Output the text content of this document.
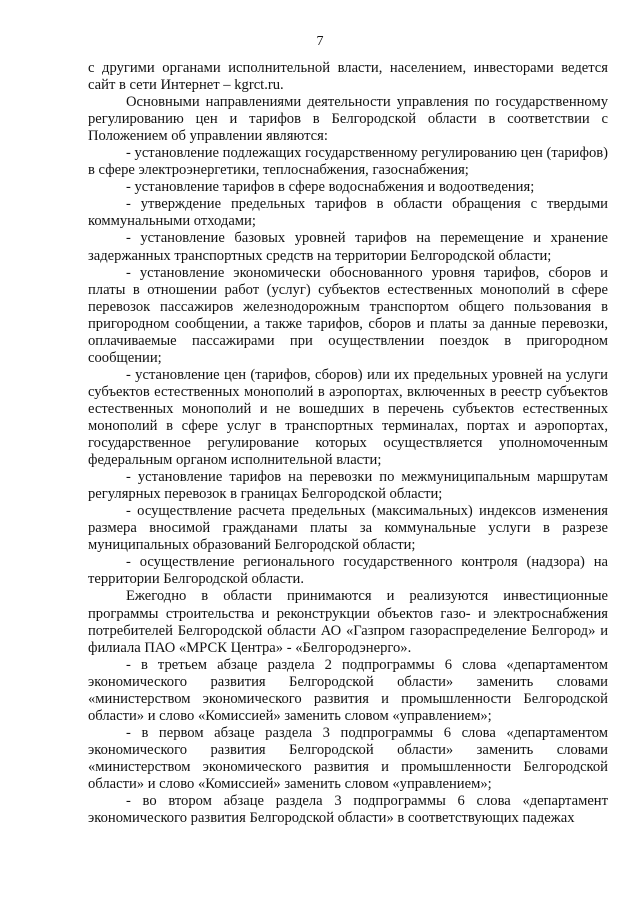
7

с другими органами исполнительной власти, населением, инвесторами ведется сайт в сети Интернет – kgrct.ru.

Основными направлениями деятельности управления по государственному регулированию цен и тарифов в Белгородской области в соответствии с Положением об управлении являются:

- установление подлежащих государственному регулированию цен (тарифов) в сфере электроэнергетики, теплоснабжения, газоснабжения;

- установление тарифов в сфере водоснабжения и водоотведения;

- утверждение предельных тарифов в области обращения с твердыми коммунальными отходами;

- установление базовых уровней тарифов на перемещение и хранение задержанных транспортных средств на территории Белгородской области;

- установление экономически обоснованного уровня тарифов, сборов и платы в отношении работ (услуг) субъектов естественных монополий в сфере перевозок пассажиров железнодорожным транспортом общего пользования в пригородном сообщении, а также тарифов, сборов и платы за данные перевозки, оплачиваемые пассажирами при осуществлении поездок в пригородном сообщении;

- установление цен (тарифов, сборов) или их предельных уровней на услуги субъектов естественных монополий в аэропортах, включенных в реестр субъектов естественных монополий и не вошедших в перечень субъектов естественных монополий в сфере услуг в транспортных терминалах, портах и аэропортах, государственное регулирование которых осуществляется уполномоченным федеральным органом исполнительной власти;

- установление тарифов на перевозки по межмуниципальным маршрутам регулярных перевозок в границах Белгородской области;

- осуществление расчета предельных (максимальных) индексов изменения размера вносимой гражданами платы за коммунальные услуги в разрезе муниципальных образований Белгородской области;

- осуществление регионального государственного контроля (надзора) на территории Белгородской области.

Ежегодно в области принимаются и реализуются инвестиционные программы строительства и реконструкции объектов газо- и электроснабжения потребителей Белгородской области АО «Газпром газораспределение Белгород» и филиала ПАО «МРСК Центра» - «Белгородэнерго».

- в третьем абзаце раздела 2 подпрограммы 6 слова «департаментом экономического развития Белгородской области» заменить словами «министерством экономического развития и промышленности Белгородской области» и слово «Комиссией» заменить словом «управлением»;

- в первом абзаце раздела 3 подпрограммы 6 слова «департаментом экономического развития Белгородской области» заменить словами «министерством экономического развития и промышленности Белгородской области» и слово «Комиссией» заменить словом «управлением»;

- во втором абзаце раздела 3 подпрограммы 6 слова «департамент экономического развития Белгородской области» в соответствующих падежах
